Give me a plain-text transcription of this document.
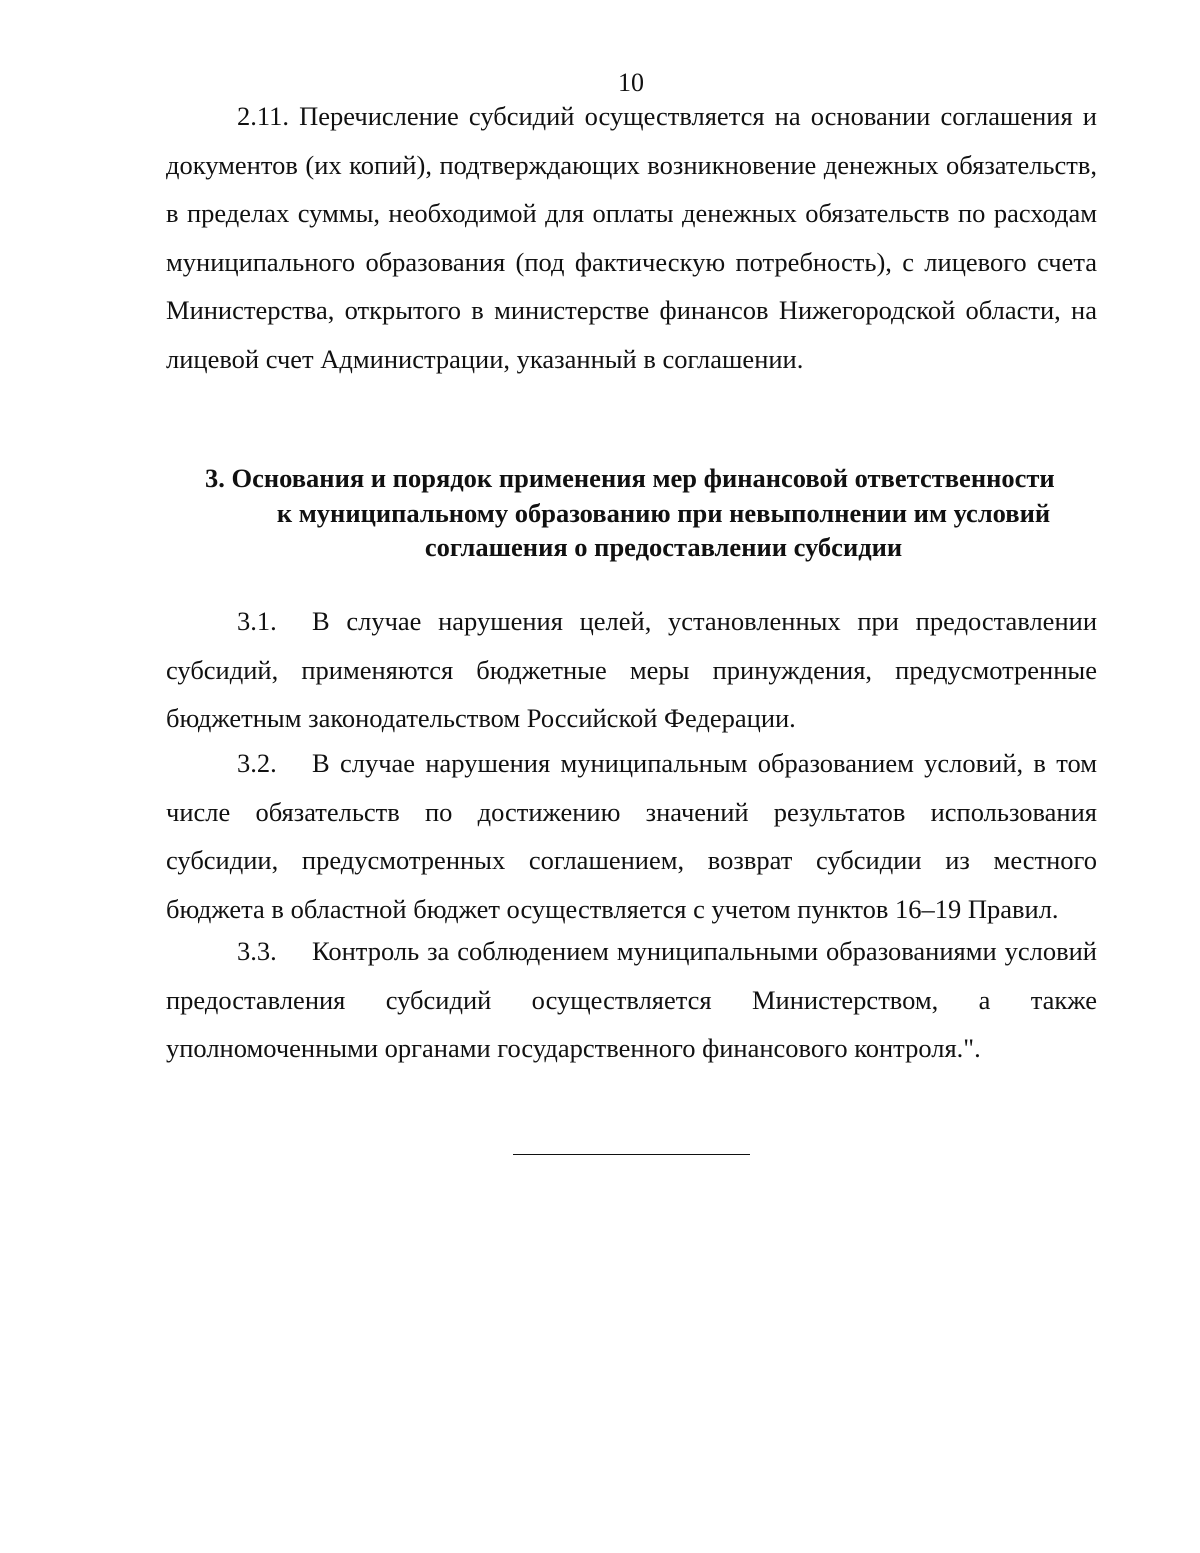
10

2.11. Перечисление субсидий осуществляется на основании соглашения и документов (их копий), подтверждающих возникновение денежных обязательств, в пределах суммы, необходимой для оплаты денежных обязательств по расходам муниципального образования (под фактическую потребность), с лицевого счета Министерства, открытого в министерстве финансов Нижегородской области, на лицевой счет Администрации, указанный в соглашении.

3. Основания и порядок применения мер финансовой ответственности
к муниципальному образованию при невыполнении им условий
соглашения о предоставлении субсидии

3.1. В случае нарушения целей, установленных при предоставлении субсидий, применяются бюджетные меры принуждения, предусмотренные бюджетным законодательством Российской Федерации.

3.2. В случае нарушения муниципальным образованием условий, в том числе обязательств по достижению значений результатов использования субсидии, предусмотренных соглашением, возврат субсидии из местного бюджета в областной бюджет осуществляется с учетом пунктов 16–19 Правил.

3.3. Контроль за соблюдением муниципальными образованиями условий предоставления субсидий осуществляется Министерством, а также уполномоченными органами государственного финансового контроля.".
